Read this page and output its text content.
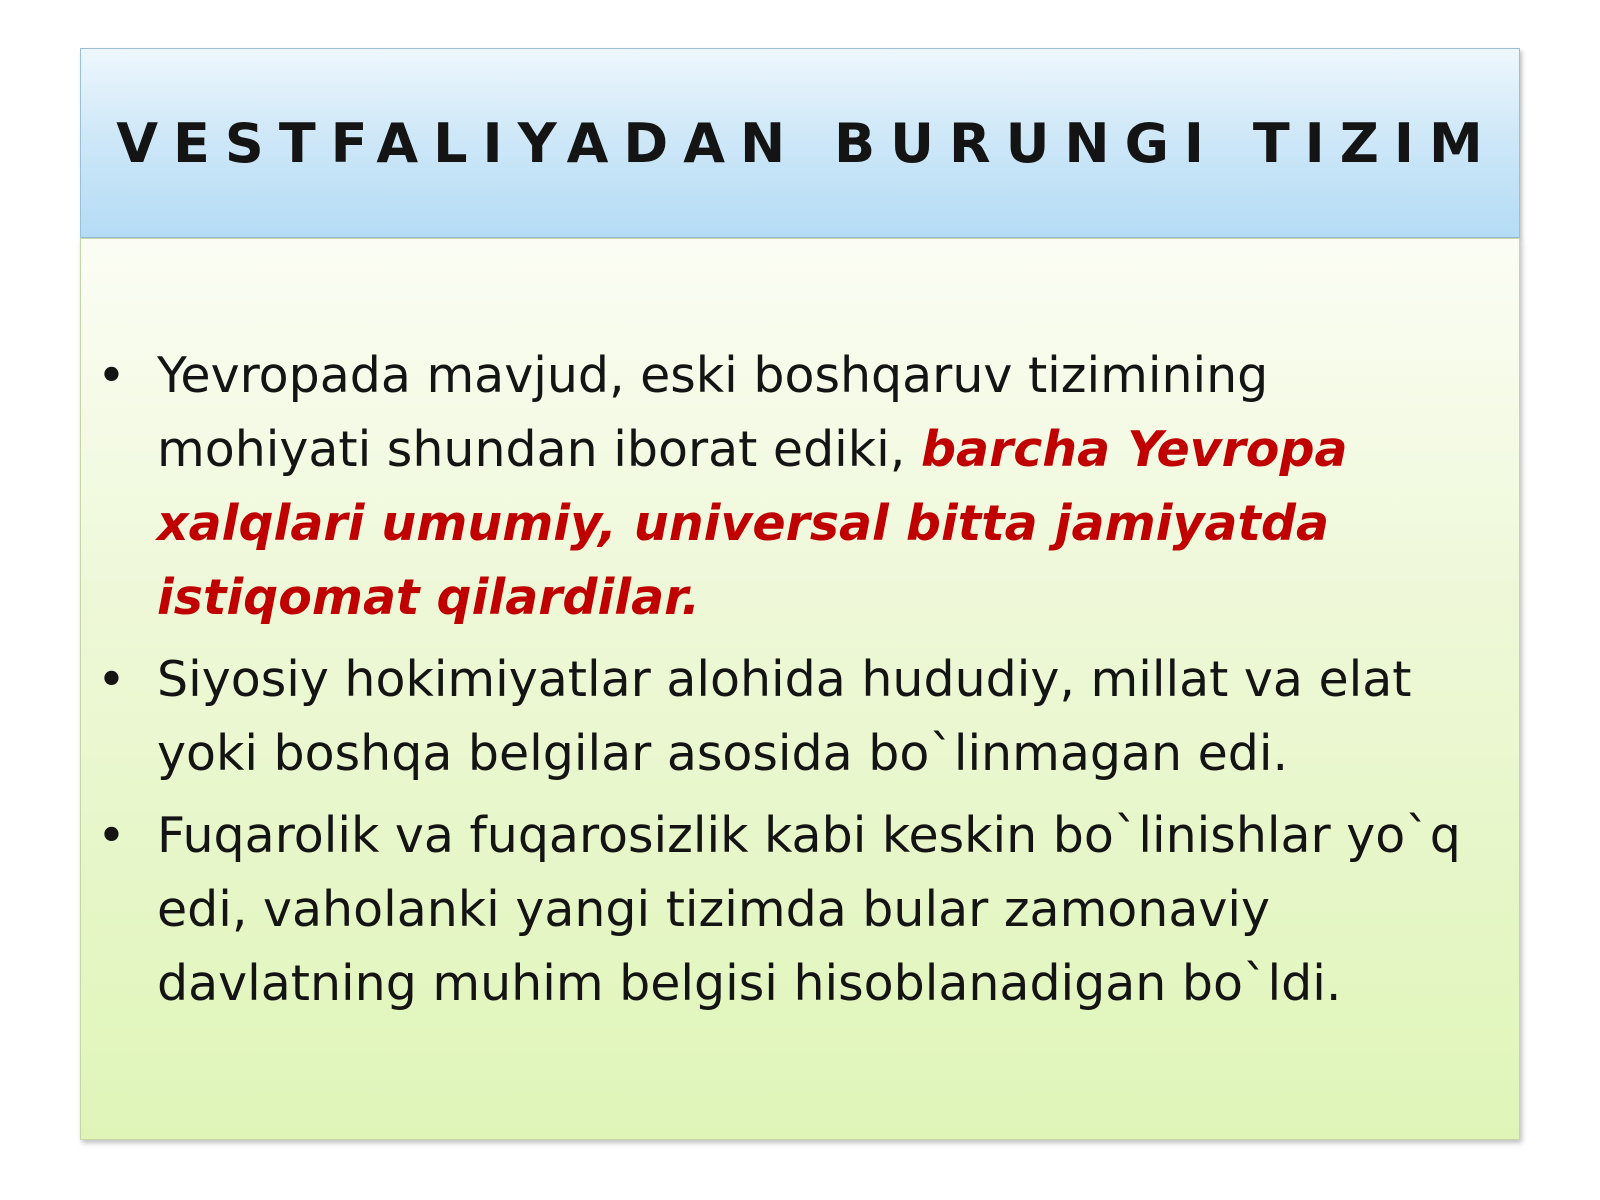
VESTFALIYADAN BURUNGI TIZIM
• Yevropada mavjud, eski boshqaruv tizimining mohiyati shundan iborat ediki, barcha Yevropa xalqlari umumiy, universal bitta jamiyatda istiqomat qilardilar.
• Siyosiy hokimiyatlar alohida hududiy, millat va elat yoki boshqa belgilar asosida bo`linmagan edi.
• Fuqarolik va fuqarosizlik kabi keskin bo`linishlar yo`q edi, vaholanki yangi tizimda bular zamonaviy davlatning muhim belgisi hisoblanadigan bo`ldi.
